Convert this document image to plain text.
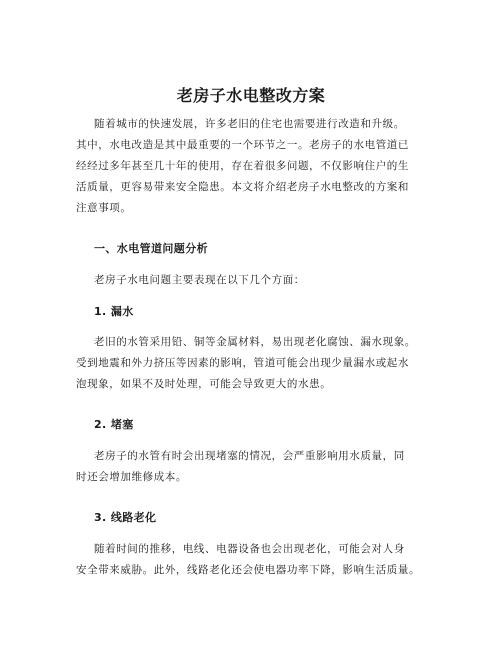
老房子水电整改方案
随着城市的快速发展，许多老旧的住宅也需要进行改造和升级。
其中，水电改造是其中最重要的一个环节之一。老房子的水电管道已
经经过多年甚至几十年的使用，存在着很多问题，不仅影响住户的生
活质量，更容易带来安全隐患。本文将介绍老房子水电整改的方案和
注意事项。
一、水电管道问题分析
老房子水电问题主要表现在以下几个方面：
1. 漏水
老旧的水管采用铅、铜等金属材料，易出现老化腐蚀、漏水现象。
受到地震和外力挤压等因素的影响，管道可能会出现少量漏水或起水
泡现象，如果不及时处理，可能会导致更大的水患。
2. 堵塞
老房子的水管有时会出现堵塞的情况，会严重影响用水质量，同
时还会增加维修成本。
3. 线路老化
随着时间的推移，电线、电器设备也会出现老化，可能会对人身
安全带来威胁。此外，线路老化还会使电器功率下降，影响生活质量。
